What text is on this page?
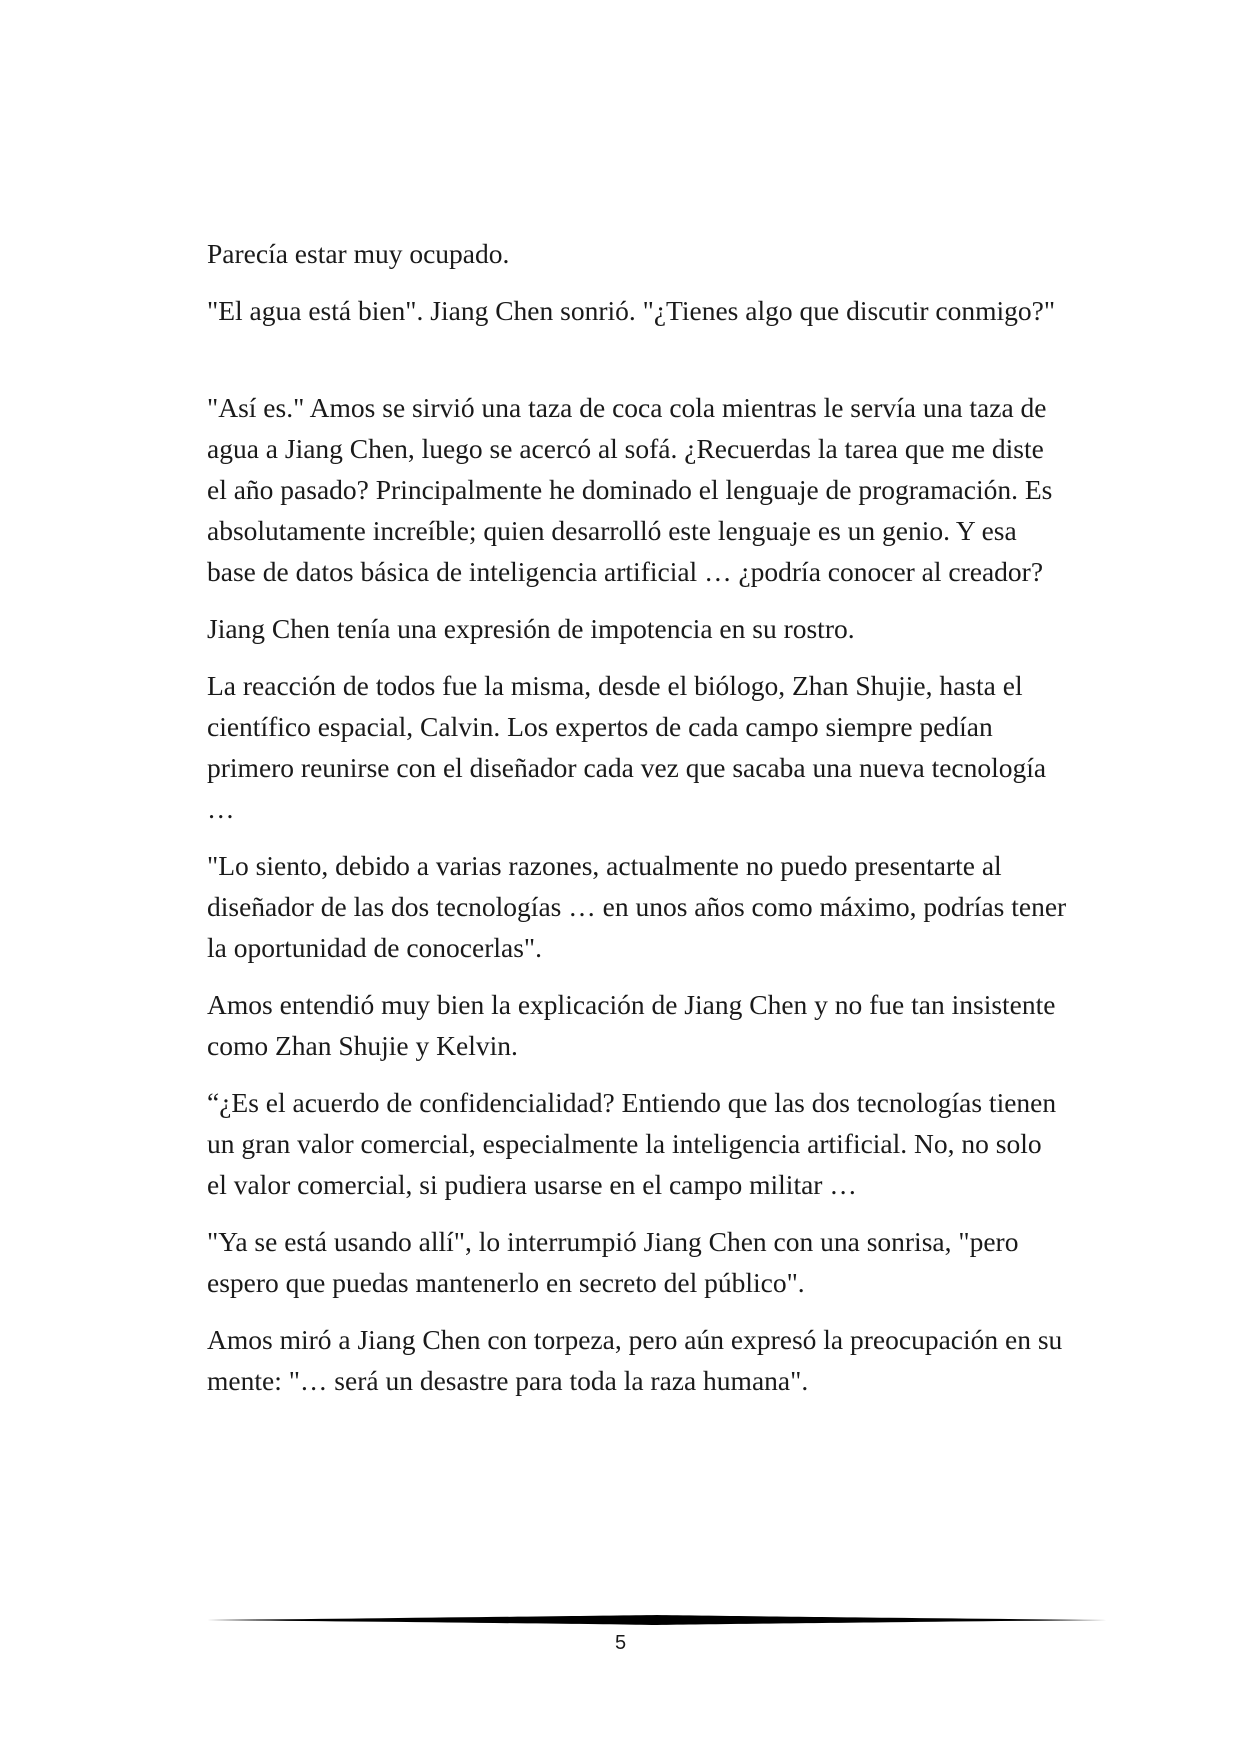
Parecía estar muy ocupado.

"El agua está bien". Jiang Chen sonrió. "¿Tienes algo que discutir conmigo?"

"Así es." Amos se sirvió una taza de coca cola mientras le servía una taza de agua a Jiang Chen, luego se acercó al sofá. ¿Recuerdas la tarea que me diste el año pasado? Principalmente he dominado el lenguaje de programación. Es absolutamente increíble; quien desarrolló este lenguaje es un genio. Y esa base de datos básica de inteligencia artificial … ¿podría conocer al creador?

Jiang Chen tenía una expresión de impotencia en su rostro.

La reacción de todos fue la misma, desde el biólogo, Zhan Shujie, hasta el científico espacial, Calvin. Los expertos de cada campo siempre pedían primero reunirse con el diseñador cada vez que sacaba una nueva tecnología …

"Lo siento, debido a varias razones, actualmente no puedo presentarte al diseñador de las dos tecnologías … en unos años como máximo, podrías tener la oportunidad de conocerlas".

Amos entendió muy bien la explicación de Jiang Chen y no fue tan insistente como Zhan Shujie y Kelvin.

“¿Es el acuerdo de confidencialidad? Entiendo que las dos tecnologías tienen un gran valor comercial, especialmente la inteligencia artificial. No, no solo el valor comercial, si pudiera usarse en el campo militar …

"Ya se está usando allí", lo interrumpió Jiang Chen con una sonrisa, "pero espero que puedas mantenerlo en secreto del público".

Amos miró a Jiang Chen con torpeza, pero aún expresó la preocupación en su mente: "… será un desastre para toda la raza humana".

5
